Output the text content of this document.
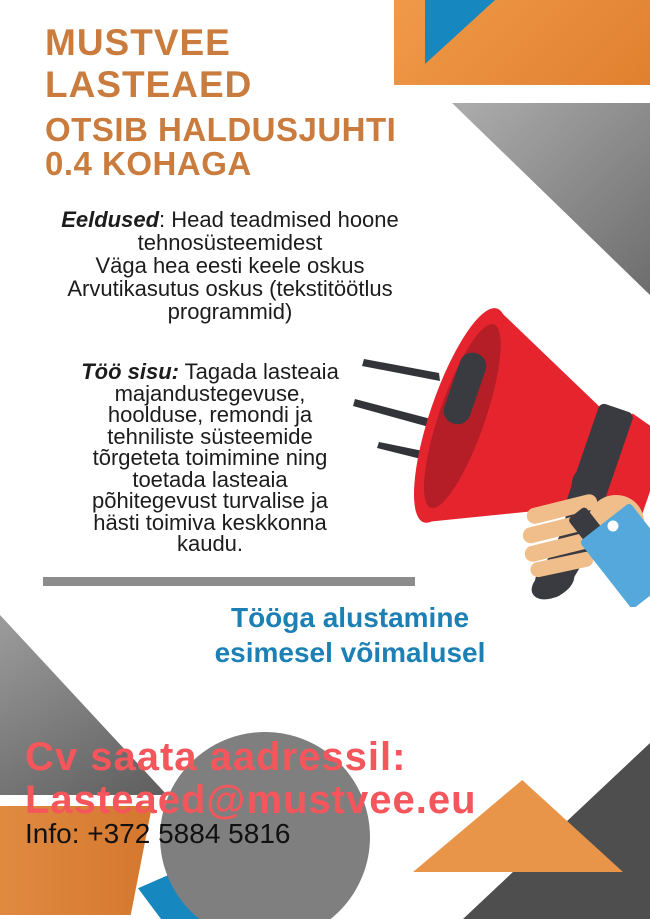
MUSTVEE
LASTEAED
OTSIB HALDUSJUHTI
0.4 KOHAGA
Eeldused: Head teadmised hoone
tehnosüsteemidest
Väga hea eesti keele oskus
Arvutikasutus oskus (tekstitöötlus
programmid)
Töö sisu: Tagada lasteaia
majandustegevuse,
hoolduse, remondi ja
tehniliste süsteemide
tõrgeteta toimimine ning
toetada lasteaia
põhitegevust turvalise ja
hästi toimiva keskkonna
kaudu.
Tööga alustamine
esimesel võimalusel
Cv saata aadressil:
Lasteaed@mustvee.eu
Info: +372 5884 5816
